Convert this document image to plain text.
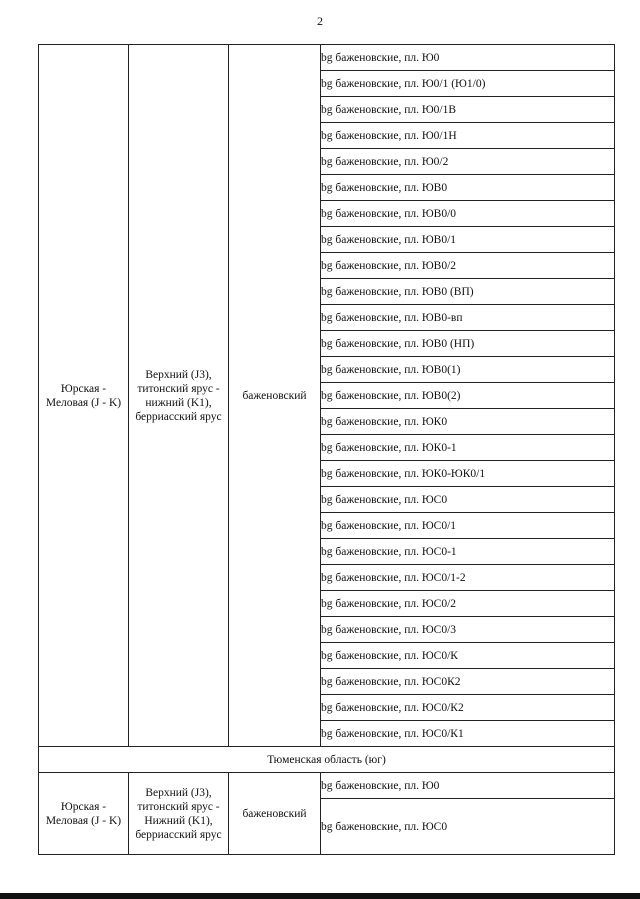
2
Юрская - Меловая (J - K)	Верхний (J3), титонский ярус - нижний (K1), берриасский ярус	баженовский	bg баженовские, пл. Ю0
			bg баженовские, пл. Ю0/1 (Ю1/0)
			bg баженовские, пл. Ю0/1В
			bg баженовские, пл. Ю0/1Н
			bg баженовские, пл. Ю0/2
			bg баженовские, пл. ЮВ0
			bg баженовские, пл. ЮВ0/0
			bg баженовские, пл. ЮВ0/1
			bg баженовские, пл. ЮВ0/2
			bg баженовские, пл. ЮВ0 (ВП)
			bg баженовские, пл. ЮВ0-вп
			bg баженовские, пл. ЮВ0 (НП)
			bg баженовские, пл. ЮВ0(1)
			bg баженовские, пл. ЮВ0(2)
			bg баженовские, пл. ЮК0
			bg баженовские, пл. ЮК0-1
			bg баженовские, пл. ЮК0-ЮК0/1
			bg баженовские, пл. ЮС0
			bg баженовские, пл. ЮС0/1
			bg баженовские, пл. ЮС0-1
			bg баженовские, пл. ЮС0/1-2
			bg баженовские, пл. ЮС0/2
			bg баженовские, пл. ЮС0/3
			bg баженовские, пл. ЮС0/К
			bg баженовские, пл. ЮС0К2
			bg баженовские, пл. ЮС0/К2
			bg баженовские, пл. ЮС0/К1
Тюменская область (юг)			
Юрская - Меловая (J - K)	Верхний (J3), титонский ярус - Нижний (K1), берриасский ярус	баженовский	bg баженовские, пл. Ю0
			bg баженовские, пл. ЮС0
